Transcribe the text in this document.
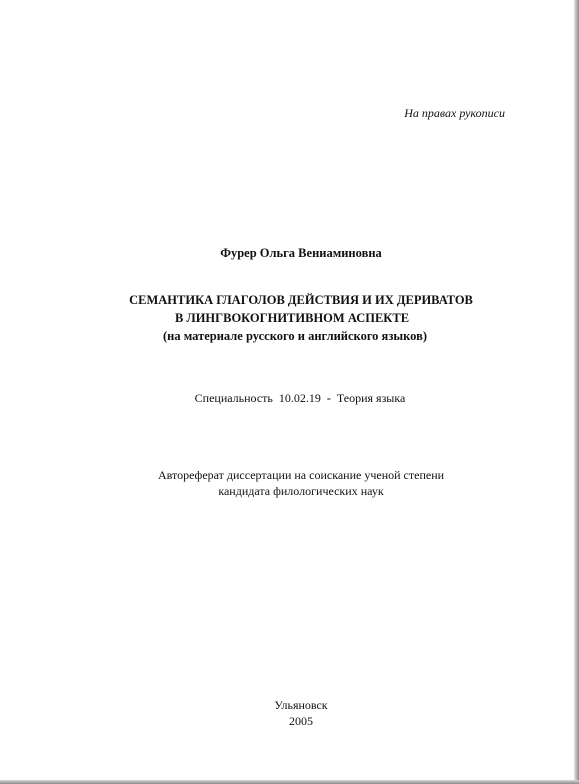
На правах рукописи
Фурер Ольга Вениаминовна
СЕМАНТИКА ГЛАГОЛОВ ДЕЙСТВИЯ И ИХ ДЕРИВАТОВ
В ЛИНГВОКОГНИТИВНОМ АСПЕКТЕ
(на материале русского и английского языков)
Специальность 10.02.19 - Теория языка
Автореферат диссертации на соискание ученой степени
кандидата филологических наук
Ульяновск
2005
